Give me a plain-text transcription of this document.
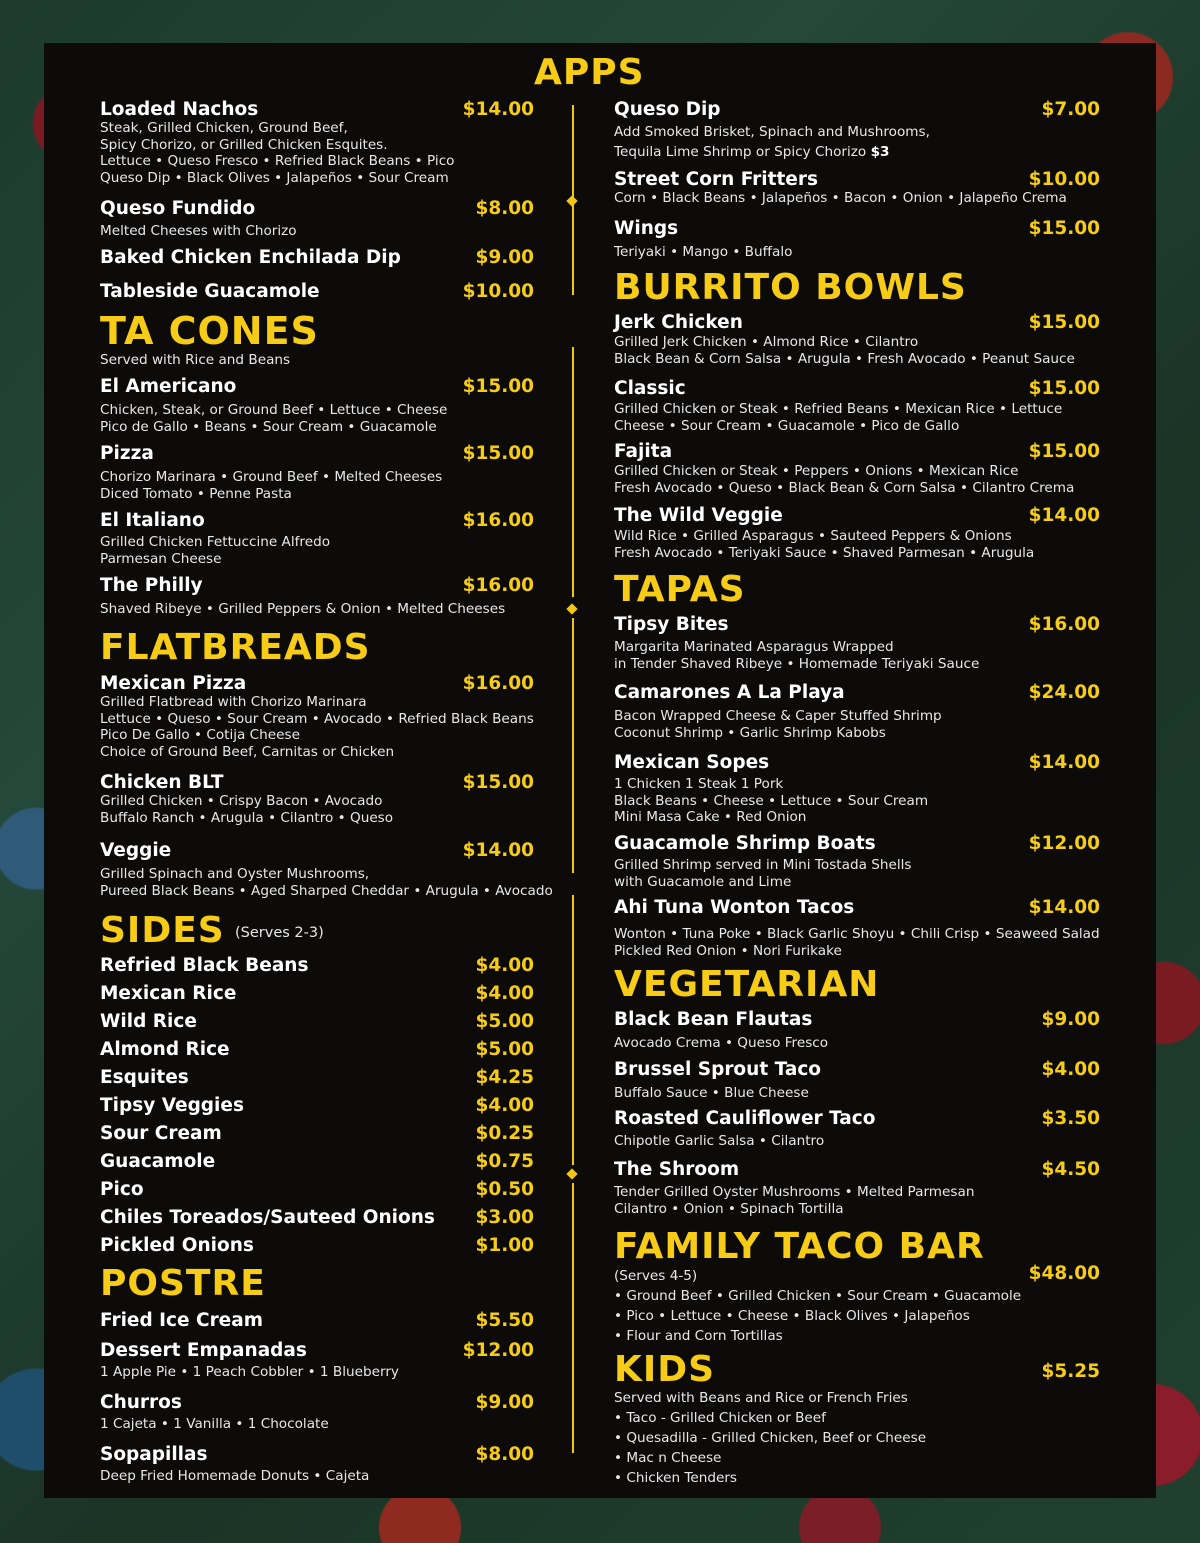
APPS
Loaded Nachos	$14.00
Steak, Grilled Chicken, Ground Beef,
Spicy Chorizo, or Grilled Chicken Esquites.
Lettuce • Queso Fresco • Refried Black Beans • Pico
Queso Dip • Black Olives • Jalapeños • Sour Cream
Queso Fundido	$8.00
Melted Cheeses with Chorizo
Baked Chicken Enchilada Dip	$9.00
Tableside Guacamole	$10.00
TA CONES
Served with Rice and Beans
El Americano	$15.00
Chicken, Steak, or Ground Beef • Lettuce • Cheese
Pico de Gallo • Beans • Sour Cream • Guacamole
Pizza	$15.00
Chorizo Marinara • Ground Beef • Melted Cheeses
Diced Tomato • Penne Pasta
El Italiano	$16.00
Grilled Chicken Fettuccine Alfredo
Parmesan Cheese
The Philly	$16.00
Shaved Ribeye • Grilled Peppers & Onion • Melted Cheeses
FLATBREADS
Mexican Pizza	$16.00
Grilled Flatbread with Chorizo Marinara
Lettuce • Queso • Sour Cream • Avocado • Refried Black Beans
Pico De Gallo • Cotija Cheese
Choice of Ground Beef, Carnitas or Chicken
Chicken BLT	$15.00
Grilled Chicken • Crispy Bacon • Avocado
Buffalo Ranch • Arugula • Cilantro • Queso
Veggie	$14.00
Grilled Spinach and Oyster Mushrooms,
Pureed Black Beans • Aged Sharped Cheddar • Arugula • Avocado
SIDES (Serves 2-3)
Refried Black Beans	$4.00
Mexican Rice	$4.00
Wild Rice	$5.00
Almond Rice	$5.00
Esquites	$4.25
Tipsy Veggies	$4.00
Sour Cream	$0.25
Guacamole	$0.75
Pico	$0.50
Chiles Toreados/Sauteed Onions $3.00
Pickled Onions	$1.00
POSTRE
Fried Ice Cream	$5.50
Dessert Empanadas	$12.00
1 Apple Pie • 1 Peach Cobbler • 1 Blueberry
Churros	$9.00
1 Cajeta • 1 Vanilla • 1 Chocolate
Sopapillas	$8.00
Deep Fried Homemade Donuts • Cajeta
Queso Dip	$7.00
Add Smoked Brisket, Spinach and Mushrooms,
Tequila Lime Shrimp or Spicy Chorizo $3
Street Corn Fritters	$10.00
Corn • Black Beans • Jalapeños • Bacon • Onion • Jalapeño Crema
Wings	$15.00
Teriyaki • Mango • Buffalo
BURRITO BOWLS
Jerk Chicken	$15.00
Grilled Jerk Chicken • Almond Rice • Cilantro
Black Bean & Corn Salsa • Arugula • Fresh Avocado • Peanut Sauce
Classic	$15.00
Grilled Chicken or Steak • Refried Beans • Mexican Rice • Lettuce
Cheese • Sour Cream • Guacamole • Pico de Gallo
Fajita	$15.00
Grilled Chicken or Steak • Peppers • Onions • Mexican Rice
Fresh Avocado • Queso • Black Bean & Corn Salsa • Cilantro Crema
The Wild Veggie	$14.00
Wild Rice • Grilled Asparagus • Sauteed Peppers & Onions
Fresh Avocado • Teriyaki Sauce • Shaved Parmesan • Arugula
TAPAS
Tipsy Bites	$16.00
Margarita Marinated Asparagus Wrapped
in Tender Shaved Ribeye • Homemade Teriyaki Sauce
Camarones A La Playa	$24.00
Bacon Wrapped Cheese & Caper Stuffed Shrimp
Coconut Shrimp • Garlic Shrimp Kabobs
Mexican Sopes	$14.00
1 Chicken 1 Steak 1 Pork
Black Beans • Cheese • Lettuce • Sour Cream
Mini Masa Cake • Red Onion
Guacamole Shrimp Boats	$12.00
Grilled Shrimp served in Mini Tostada Shells
with Guacamole and Lime
Ahi Tuna Wonton Tacos	$14.00
Wonton • Tuna Poke • Black Garlic Shoyu • Chili Crisp • Seaweed Salad
Pickled Red Onion • Nori Furikake
VEGETARIAN
Black Bean Flautas	$9.00
Avocado Crema • Queso Fresco
Brussel Sprout Taco	$4.00
Buffalo Sauce • Blue Cheese
Roasted Cauliflower Taco	$3.50
Chipotle Garlic Salsa • Cilantro
The Shroom	$4.50
Tender Grilled Oyster Mushrooms • Melted Parmesan
Cilantro • Onion • Spinach Tortilla
FAMILY TACO BAR
$48.00
(Serves 4-5)
• Ground Beef • Grilled Chicken • Sour Cream • Guacamole
• Pico • Lettuce • Cheese • Black Olives • Jalapeños
• Flour and Corn Tortillas
KIDS	$5.25
Served with Beans and Rice or French Fries
• Taco - Grilled Chicken or Beef
• Quesadilla - Grilled Chicken, Beef or Cheese
• Mac n Cheese
• Chicken Tenders
